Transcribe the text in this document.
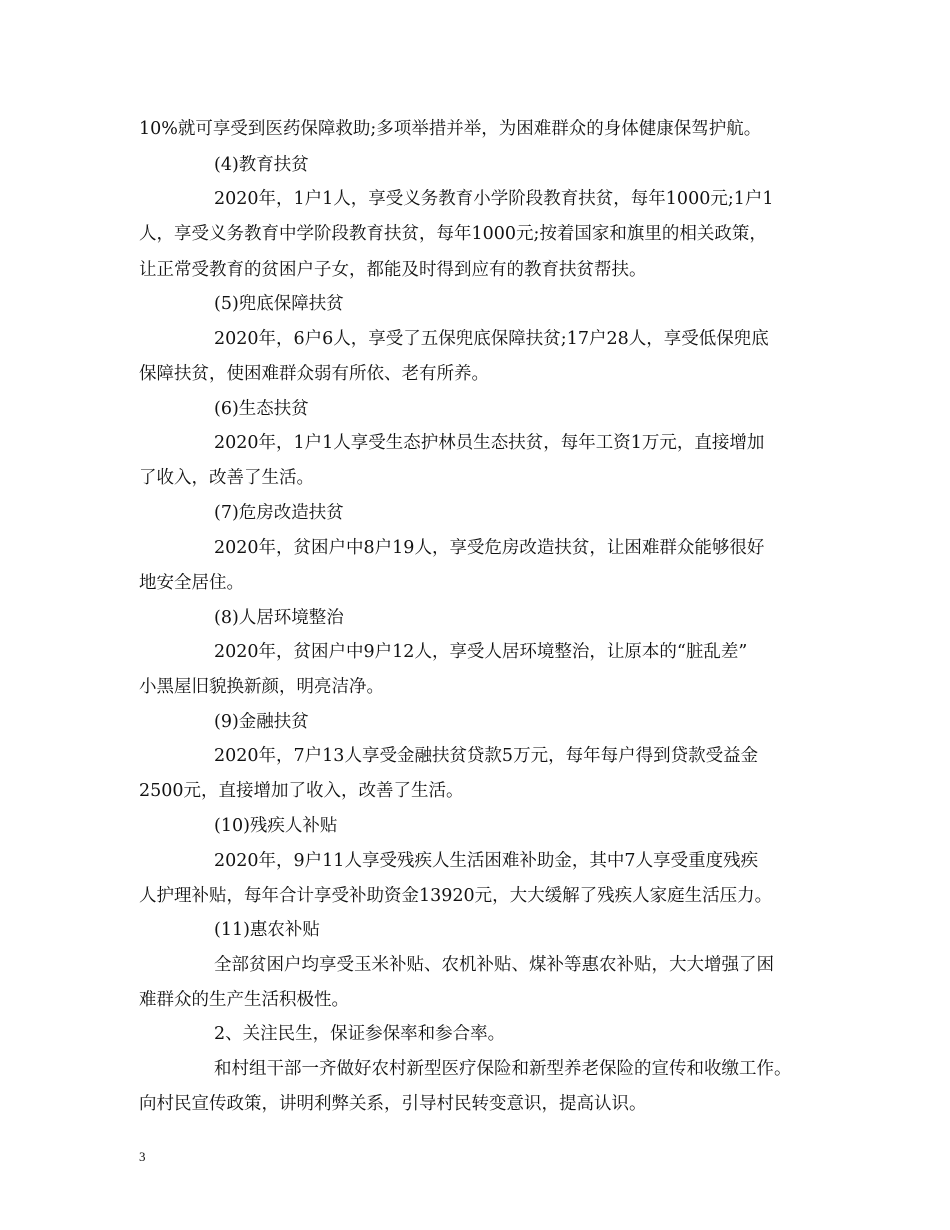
10%就可享受到医药保障救助;多项举措并举，为困难群众的身体健康保驾护航。

(4)教育扶贫

2020年，1户1人，享受义务教育小学阶段教育扶贫，每年1000元;1户1

人，享受义务教育中学阶段教育扶贫，每年1000元;按着国家和旗里的相关政策，

让正常受教育的贫困户子女，都能及时得到应有的教育扶贫帮扶。

(5)兜底保障扶贫

2020年，6户6人，享受了五保兜底保障扶贫;17户28人，享受低保兜底

保障扶贫，使困难群众弱有所依、老有所养。

(6)生态扶贫

2020年，1户1人享受生态护林员生态扶贫，每年工资1万元，直接增加

了收入，改善了生活。

(7)危房改造扶贫

2020年，贫困户中8户19人，享受危房改造扶贫，让困难群众能够很好

地安全居住。

(8)人居环境整治

2020年，贫困户中9户12人，享受人居环境整治，让原本的“脏乱差”

小黑屋旧貌换新颜，明亮洁净。

(9)金融扶贫

2020年，7户13人享受金融扶贫贷款5万元，每年每户得到贷款受益金

2500元，直接增加了收入，改善了生活。

(10)残疾人补贴

2020年，9户11人享受残疾人生活困难补助金，其中7人享受重度残疾

人护理补贴，每年合计享受补助资金13920元，大大缓解了残疾人家庭生活压力。

(11)惠农补贴

全部贫困户均享受玉米补贴、农机补贴、煤补等惠农补贴，大大增强了困

难群众的生产生活积极性。

2、关注民生，保证参保率和参合率。

和村组干部一齐做好农村新型医疗保险和新型养老保险的宣传和收缴工作。

向村民宣传政策，讲明利弊关系，引导村民转变意识，提高认识。

3
